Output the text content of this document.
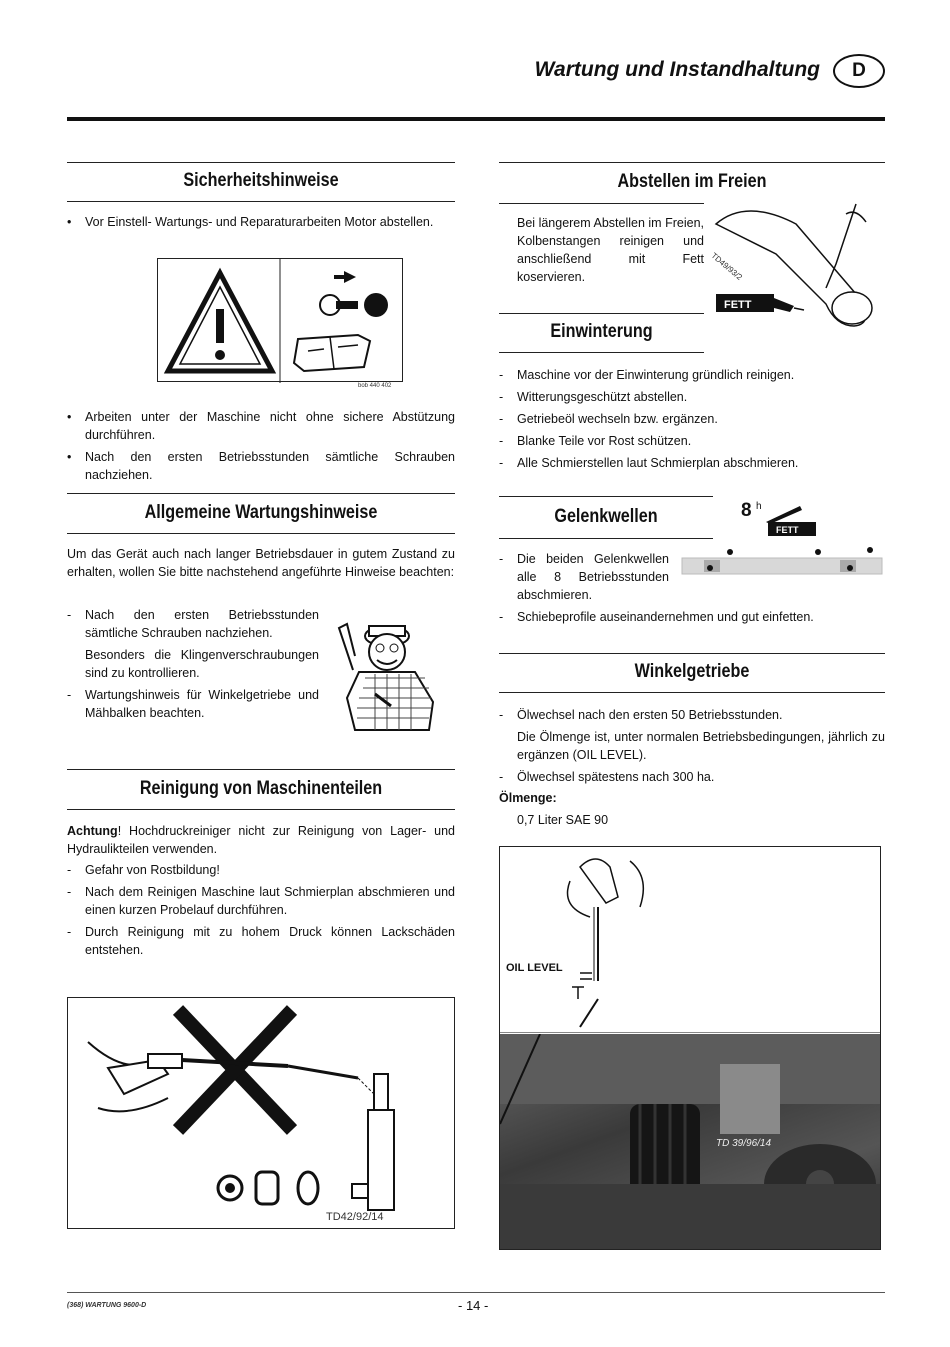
Wartung und Instandhaltung	D
Sicherheitshinweise
• Vor Einstell- Wartungs- und Reparaturarbeiten Motor abstellen.
bob 440 402
• Arbeiten unter der Maschine nicht ohne sichere Abstützung durchführen.
• Nach den ersten Betriebsstunden sämtliche Schrauben nachziehen.
Allgemeine Wartungshinweise
Um das Gerät auch nach langer Betriebsdauer in gutem Zustand zu erhalten, wollen Sie bitte nachstehend angeführte Hinweise beachten:
- Nach den ersten Betriebsstunden sämtliche Schrauben nachziehen.
Besonders die Klingenverschraubungen sind zu kontrollieren.
- Wartungshinweis für Winkelgetriebe und Mähbalken beachten.
Reinigung von Maschinenteilen
Achtung! Hochdruckreiniger nicht zur Reinigung von Lager- und Hydraulikteilen verwenden.
- Gefahr von Rostbildung!
- Nach dem Reinigen Maschine laut Schmierplan abschmieren und einen kurzen Probelauf durchführen.
- Durch Reinigung mit zu hohem Druck können Lackschäden entstehen.
TD42/92/14
Abstellen im Freien
Bei längerem Abstellen im Freien, Kolbenstangen reinigen und anschließend mit Fett koservieren.
FETT
TD49/93/2
Einwinterung
- Maschine vor der Einwinterung gründlich reinigen.
- Witterungsgeschützt abstellen.
- Getriebeöl wechseln bzw. ergänzen.
- Blanke Teile vor Rost schützen.
- Alle Schmierstellen laut Schmierplan abschmieren.
Gelenkwellen	8 h
FETT
- Die beiden Gelenkwellen alle 8 Betriebsstunden abschmieren.
- Schiebeprofile auseinandernehmen und gut einfetten.
Winkelgetriebe
- Ölwechsel nach den ersten 50 Betriebsstunden.
Die Ölmenge ist, unter normalen Betriebsbedingungen, jährlich zu ergänzen (OIL LEVEL).
- Ölwechsel spätestens nach 300 ha.
Ölmenge:
0,7 Liter SAE 90
OIL LEVEL
TD 39/96/14
(368) WARTUNG 9600-D	- 14 -
